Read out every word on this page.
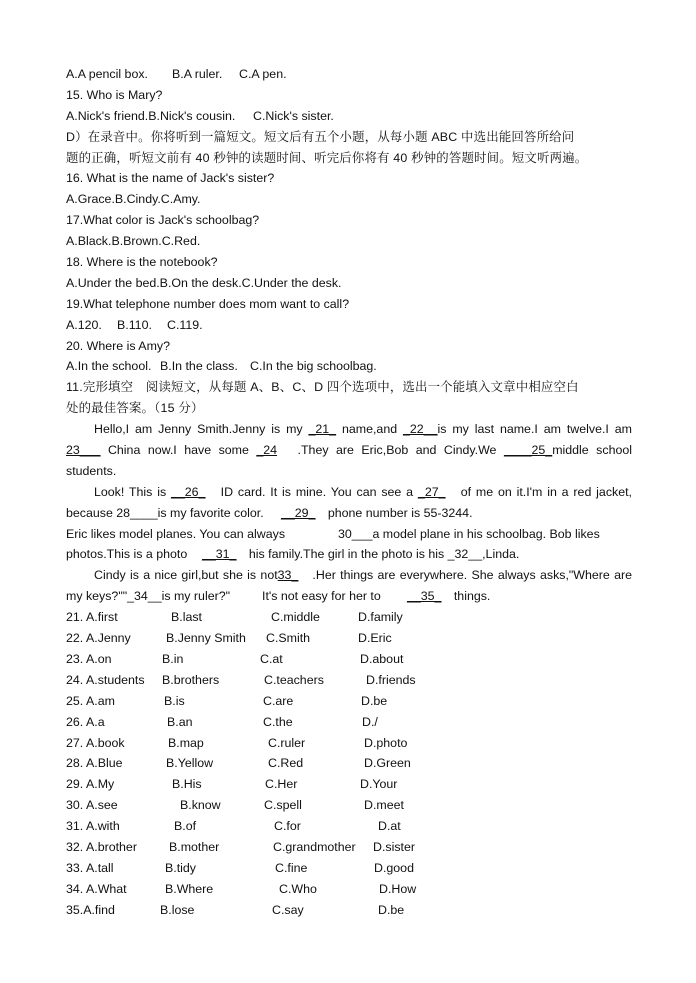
A.A pencil box. B.A ruler. C.A pen.
15. Who is Mary?
A.Nick's friend.B.Nick's cousin. C.Nick's sister.
D）在录音中。你将听到一篇短文。短文后有五个小题，从每小题 ABC 中选出能回答所给问
题的正确，听短文前有 40 秒钟的读题时间、听完后你将有 40 秒钟的答题时间。短文听两遍。
16. What is the name of Jack's sister?
A.Grace.B.Cindy.C.Amy.
17.What color is Jack's schoolbag?
A.Black.B.Brown.C.Red.
18. Where is the notebook?
A.Under the bed.B.On the desk.C.Under the desk.
19.What telephone number does mom want to call?
A.120. B.110. C.119.
20. Where is Amy?
A.In the school. B.In the class. C.In the big schoolbag.
11.完形填空　阅读短文，从每题 A、B、C、D 四个选项中，选出一个能填入文章中相应空白
处的最佳答案。（15 分）
Hello,I am Jenny Smith.Jenny is my _21_ name,and _22__is my last name.I am twelve.I am
23___ China now.I have some _24　.They are Eric,Bob and Cindy.We ____25_middle school
students.
Look! This is __26_　ID card. It is mine. You can see a _27_　of me on it.I'm in a red jacket,
because 28____is my favorite color. __29_　phone number is 55-3244.
Eric likes model planes. You can always	30___a model plane in his schoolbag. Bob likes
photos.This is a photo __31_　his family.The girl in the photo is his _32__,Linda.
Cindy is a nice girl,but she is not33_　.Her things are everywhere. She always asks,"Where are
my keys?""_34__is my ruler?"	It's not easy for her to __35_　things.
21. A.first	B.last	C.middle	D.family
22. A.Jenny	B.Jenny Smith	C.Smith	D.Eric
23. A.on	B.in	C.at	D.about
24. A.students	B.brothers	C.teachers	D.friends
25. A.am	B.is	C.are	D.be
26. A.a	B.an	C.the	D./
27. A.book	B.map	C.ruler	D.photo
28. A.Blue	B.Yellow	C.Red	D.Green
29. A.My	B.His	C.Her	D.Your
30. A.see	B.know	C.spell	D.meet
31. A.with	B.of	C.for	D.at
32. A.brother	B.mother	C.grandmother	D.sister
33. A.tall	B.tidy	C.fine	D.good
34. A.What	B.Where	C.Who	D.How
35.A.find	B.lose	C.say	D.be
